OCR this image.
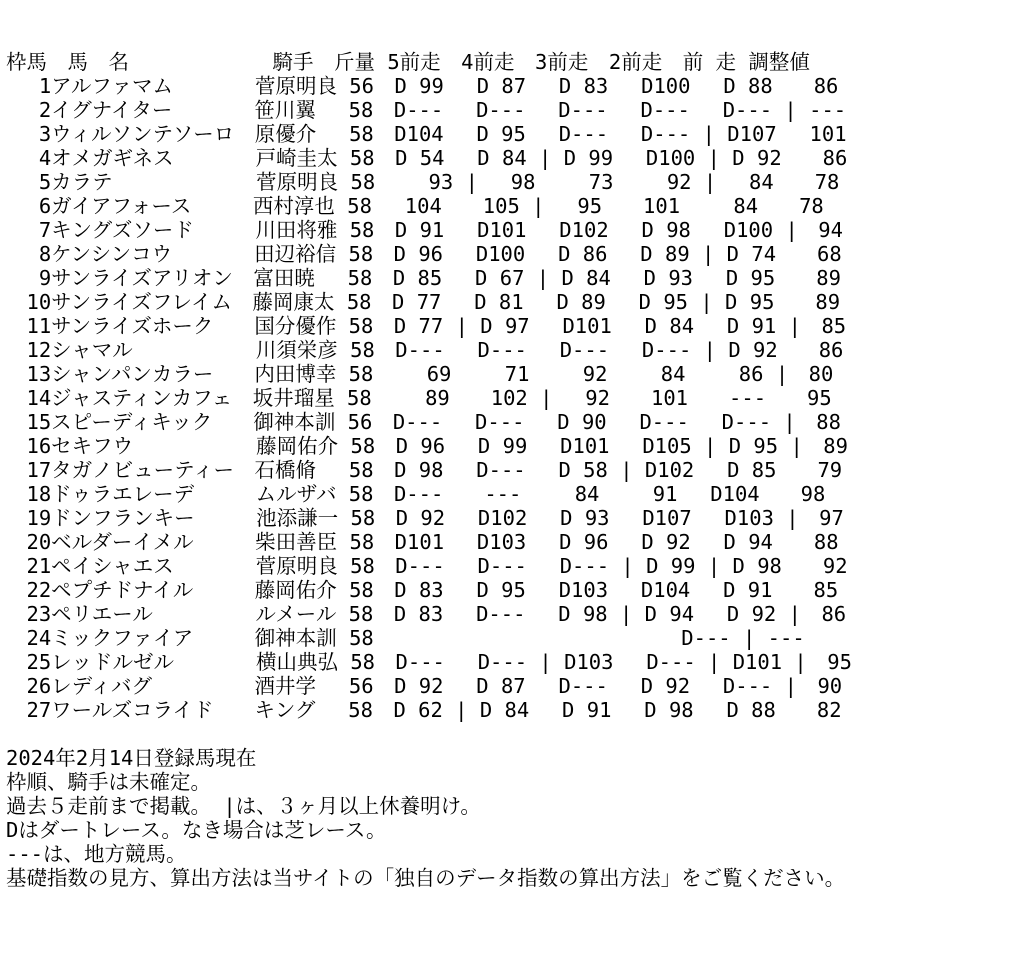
枠馬　馬　名　　　　　　　騎手　斤量 5前走　4前走　3前走　2前走　前 走 調整値
　 1アルファマム　　　　菅原明良 56　D 99　 D 87　 D 83　 D100　 D 88　　86
　 2イグナイター　　　　笹川翼　 58　D---　 D---　 D---　 D---　 D--- | ---
　 3ウィルソンテソーロ　原優介　 58　D104　 D 95　 D---　 D--- | D107　 101
　 4オメガギネス　　　　戸崎圭太 58　D 54　 D 84 | D 99　 D100 | D 92　　86
　 5カラテ　　　　　　　菅原明良 58　　 93 |　 98　　 73　　 92 |　 84　　78
　 6ガイアフォース　　　西村淳也 58　 104　　105 |　 95　　101　　 84　　78
　 7キングズソード　　　川田将雅 58　D 91　 D101　 D102　 D 98　 D100 |　94
　 8ケンシンコウ　　　　田辺裕信 58　D 96　 D100　 D 86　 D 89 | D 74　　68
　 9サンライズアリオン　富田暁　 58　D 85　 D 67 | D 84　 D 93　 D 95　　89
　10サンライズフレイム　藤岡康太 58　D 77　 D 81　 D 89　 D 95 | D 95　　89
　11サンライズホーク　　国分優作 58　D 77 | D 97　 D101　 D 84　 D 91 |　85
　12シャマル　　　　　　川須栄彦 58　D---　 D---　 D---　 D--- | D 92　　86
　13シャンパンカラー　　内田博幸 58　　 69　　 71　　 92　　 84　　 86 |　80
　14ジャスティンカフェ　坂井瑠星 58　　 89　　102 |　 92　　101　　---　　95
　15スピーディキック　　御神本訓 56　D---　 D---　 D 90　 D---　 D--- |　88
　16セキフウ　　　　　　藤岡佑介 58　D 96　 D 99　 D101　 D105 | D 95 |　89
　17タガノビューティー　石橋脩　 58　D 98　 D---　 D 58 | D102　 D 85　　79
　18ドゥラエレーデ　　　ムルザバ 58　D---　　---　　 84　　 91　 D104　　98
　19ドンフランキー　　　池添謙一 58　D 92　 D102　 D 93　 D107　 D103 |　97
　20ベルダーイメル　　　柴田善臣 58　D101　 D103　 D 96　 D 92　 D 94　　88
　21ペイシャエス　　　　菅原明良 58　D---　 D---　 D--- | D 99 | D 98　　92
　22ペプチドナイル　　　藤岡佑介 58　D 83　 D 95　 D103　 D104　 D 91　　85
　23ペリエール　　　　　ルメール 58　D 83　 D---　 D 98 | D 94　 D 92 |　86
　24ミックファイア　　　御神本訓 58　　　　　　　　　　　　　　　D--- | ---
　25レッドルゼル　　　　横山典弘 58　D---　 D--- | D103　 D--- | D101 |　95
　26レディバグ　　　　　酒井学　 56　D 92　 D 87　 D---　 D 92　 D--- |　90
　27ワールズコライド　　キング　 58　D 62 | D 84　 D 91　 D 98　 D 88　　82
2024年2月14日登録馬現在
枠順、騎手は未確定。
過去５走前まで掲載。 |は、３ヶ月以上休養明け。
Dはダートレース。なき場合は芝レース。
---は、地方競馬。
基礎指数の見方、算出方法は当サイトの「独自のデータ指数の算出方法」をご覧ください。
